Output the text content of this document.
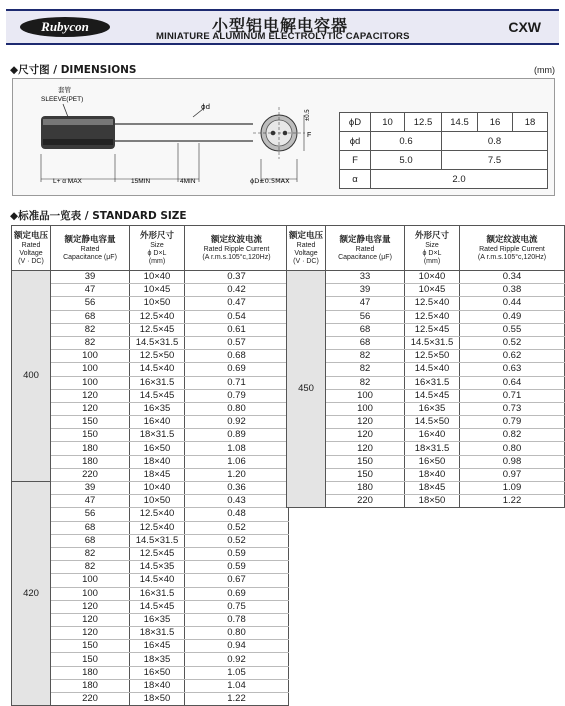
Rubycon	小型铝电解电容器
MINIATURE ALUMINUM ELECTROLYTIC CAPACITORS
CXW
◆尺寸图 / DIMENSIONS	(mm)
套管
SLEEVE(PET)
ϕd
L+ α MAX	15MIN	4MIN	ϕD±0.5MAX
F
±0.5
ϕD	10	12.5	14.5	16	18
ϕd	0.6		0.8		
F	5.0		7.5		
α	2.0				
◆标准品一览表 / STANDARD SIZE
额定电压
Rated
Voltage
(V · DC)	额定静电容量
Rated
Capacitance (μF)	外形尺寸
Size
ϕ D×L
(mm)	额定纹波电流
Rated Ripple Current
(A r.m.s.105°c,120Hz)

400	39	10×40	0.37
	47	10×45	0.42
	56	10×50	0.47
	68	12.5×40	0.54
	82	12.5×45	0.61
	82	14.5×31.5	0.57
	100	12.5×50	0.68
	100	14.5×40	0.69
	100	16×31.5	0.71
	120	14.5×45	0.79
	120	16×35	0.80
	150	16×40	0.92
	150	18×31.5	0.89
	180	16×50	1.08
	180	18×40	1.06
	220	18×45	1.20
420	39	10×40	0.36
	47	10×50	0.43
	56	12.5×40	0.48
	68	12.5×40	0.52
	68	14.5×31.5	0.52
	82	12.5×45	0.59
	82	14.5×35	0.59
	100	14.5×40	0.67
	100	16×31.5	0.69
	120	14.5×45	0.75
	120	16×35	0.78
	120	18×31.5	0.80
	150	16×45	0.94
	150	18×35	0.92
	180	16×50	1.05
	180	18×40	1.04
	220	18×50	1.22
额定电压
Rated
Voltage
(V · DC)	额定静电容量
Rated
Capacitance (μF)	外形尺寸
Size
ϕ D×L
(mm)	额定纹波电流
Rated Ripple Current
(A r.m.s.105°c,120Hz)

450	33	10×40	0.34
	39	10×45	0.38
	47	12.5×40	0.44
	56	12.5×40	0.49
	68	12.5×45	0.55
	68	14.5×31.5	0.52
	82	12.5×50	0.62
	82	14.5×40	0.63
	82	16×31.5	0.64
	100	14.5×45	0.71
	100	16×35	0.73
	120	14.5×50	0.79
	120	16×40	0.82
	120	18×31.5	0.80
	150	16×50	0.98
	150	18×40	0.97
	180	18×45	1.09
	220	18×50	1.22
